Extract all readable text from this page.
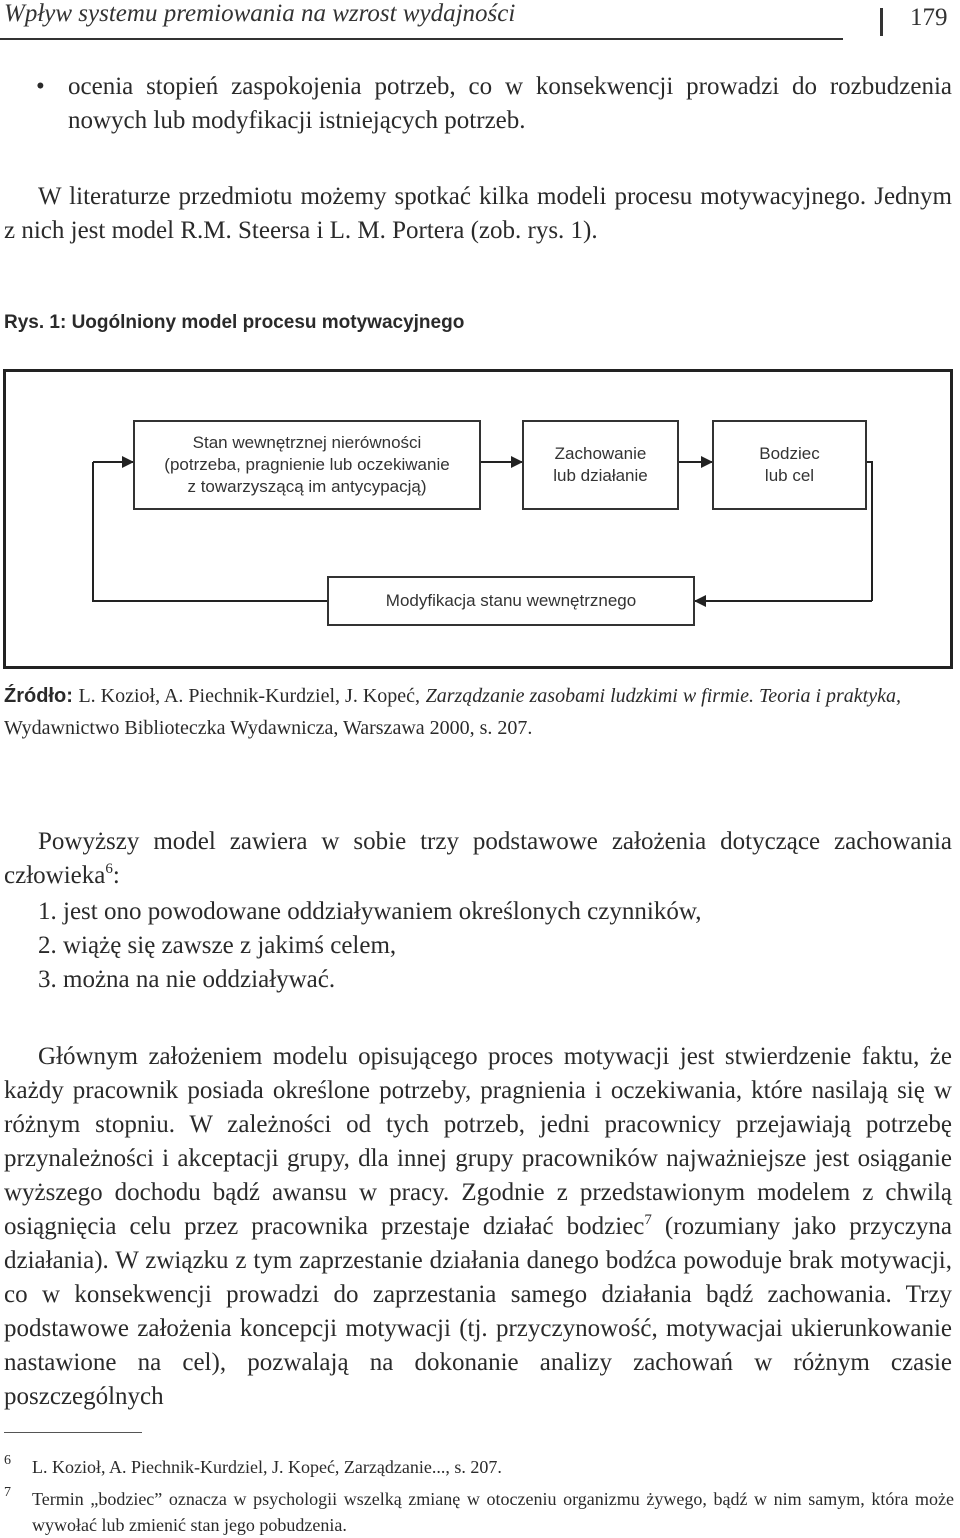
Wpływ systemu premiowania na wzrost wydajności	179
• ocenia stopień zaspokojenia potrzeb, co w konsekwencji prowadzi do rozbudzenia nowych lub modyfikacji istniejących potrzeb.
W literaturze przedmiotu możemy spotkać kilka modeli procesu motywacyjnego. Jednym z nich jest model R.M. Steersa i L. M. Portera (zob. rys. 1).
Rys. 1: Uogólniony model procesu motywacyjnego
Stan wewnętrznej nierówności
(potrzeba, pragnienie lub oczekiwanie
z towarzyszącą im antycypacją)
Zachowanie
lub działanie
Bodziec
lub cel
Modyfikacja stanu wewnętrznego
Źródło: L. Kozioł, A. Piechnik-Kurdziel, J. Kopeć, Zarządzanie zasobami ludzkimi w firmie. Teoria i praktyka, Wydawnictwo Biblioteczka Wydawnicza, Warszawa 2000, s. 207.
Powyższy model zawiera w sobie trzy podstawowe założenia dotyczące zachowania człowieka$^6$:
1. jest ono powodowane oddziaływaniem określonych czynników,
2. wiążę się zawsze z jakimś celem,
3. można na nie oddziaływać.
Głównym założeniem modelu opisującego proces motywacji jest stwierdzenie faktu, że każdy pracownik posiada określone potrzeby, pragnienia i oczekiwania, które nasilają się w różnym stopniu. W zależności od tych potrzeb, jedni pracownicy przejawiają potrzebę przynależności i akceptacji grupy, dla innej grupy pracowników najważniejsze jest osiąganie wyższego dochodu bądź awansu w pracy. Zgodnie z przedstawionym modelem z chwilą osiągnięcia celu przez pracownika przestaje działać bodziec$^7$ (rozumiany jako przyczyna działania). W związku z tym zaprzestanie działania danego bodźca powoduje brak motywacji, co w konsekwencji prowadzi do zaprzestania samego działania bądź zachowania. Trzy podstawowe założenia koncepcji motywacji (tj. przyczynowość, motywacjai ukierunkowanie nastawione na cel), pozwalają na dokonanie analizy zachowań w różnym czasie poszczególnych
6	L. Kozioł, A. Piechnik-Kurdziel, J. Kopeć, Zarządzanie..., s. 207.
7	Termin „bodziec” oznacza w psychologii wszelką zmianę w otoczeniu organizmu żywego, bądź w nim samym, która może wywołać lub zmienić stan jego pobudzenia.
